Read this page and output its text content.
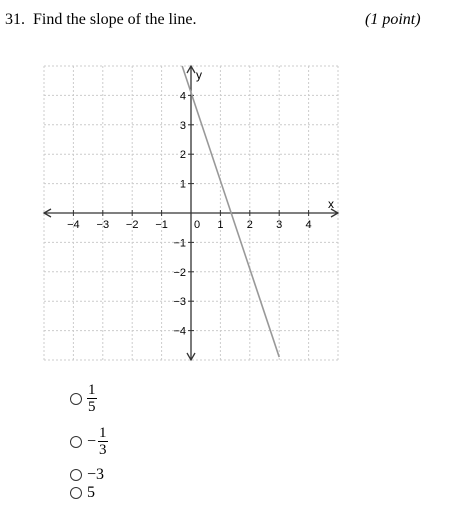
31. Find the slope of the line.	(1 point)
−4 −3 −2 −1	1 2 3 4
4
3
2
1
−1
−2
−3
−4
0
x
y
$\frac{1}{5}$
− $\frac{1}{3}$
−3
5
